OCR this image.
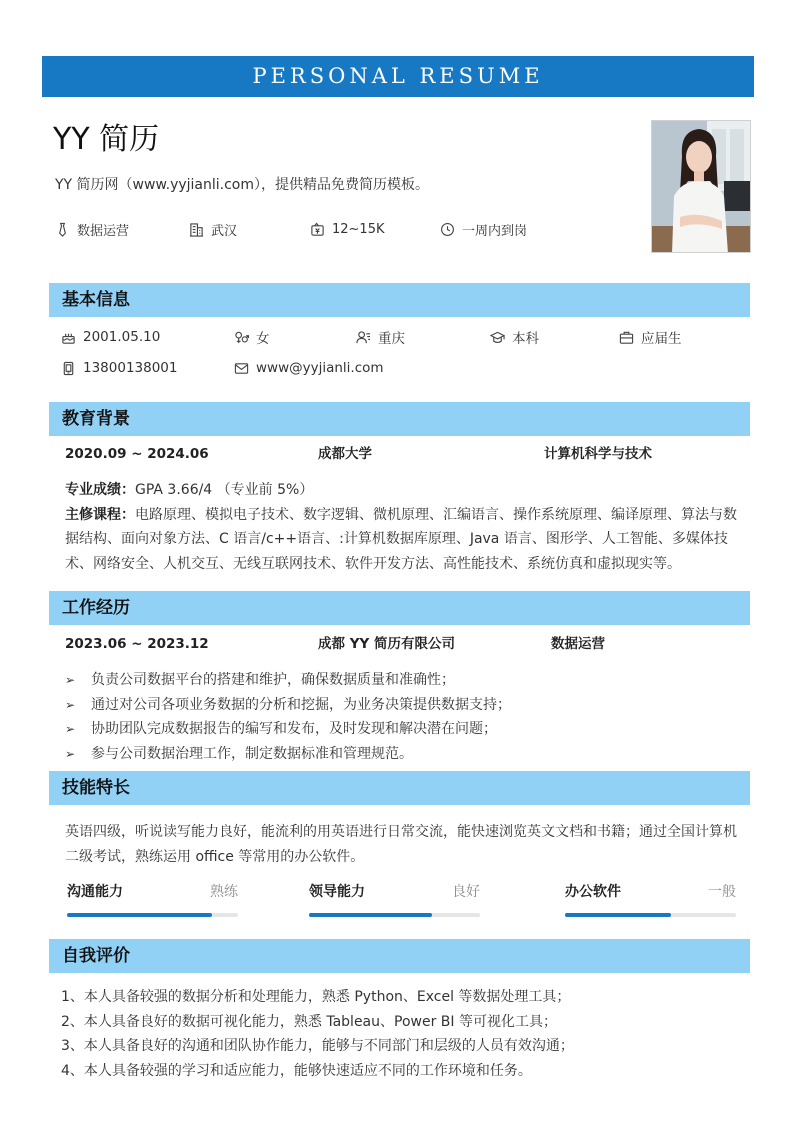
PERSONAL RESUME
YY 简历
YY 简历网（www.yyjianli.com），提供精品免费简历模板。
数据运营	武汉	12~15K	一周内到岗
基本信息
2001.05.10	女	重庆	本科	应届生
13800138001	www@yyjianli.com
教育背景
2020.09 ~ 2024.06	成都大学	计算机科学与技术
专业成绩：GPA 3.66/4 （专业前 5%）
主修课程：电路原理、模拟电子技术、数字逻辑、微机原理、汇编语言、操作系统原理、编译原理、算法与数据结构、面向对象方法、C 语言/c++语言、:计算机数据库原理、Java 语言、图形学、人工智能、多媒体技术、网络安全、人机交互、无线互联网技术、软件开发方法、高性能技术、系统仿真和虚拟现实等。
工作经历
2023.06 ~ 2023.12	成都 YY 简历有限公司	数据运营
➢	负责公司数据平台的搭建和维护，确保数据质量和准确性；
➢	通过对公司各项业务数据的分析和挖掘，为业务决策提供数据支持；
➢	协助团队完成数据报告的编写和发布，及时发现和解决潜在问题；
➢	参与公司数据治理工作，制定数据标准和管理规范。
技能特长
英语四级，听说读写能力良好，能流利的用英语进行日常交流，能快速浏览英文文档和书籍；通过全国计算机二级考试，熟练运用 office 等常用的办公软件。
沟通能力	熟练	领导能力	良好	办公软件	一般
自我评价
1、本人具备较强的数据分析和处理能力，熟悉 Python、Excel 等数据处理工具；
2、本人具备良好的数据可视化能力，熟悉 Tableau、Power BI 等可视化工具；
3、本人具备良好的沟通和团队协作能力，能够与不同部门和层级的人员有效沟通；
4、本人具备较强的学习和适应能力，能够快速适应不同的工作环境和任务。
